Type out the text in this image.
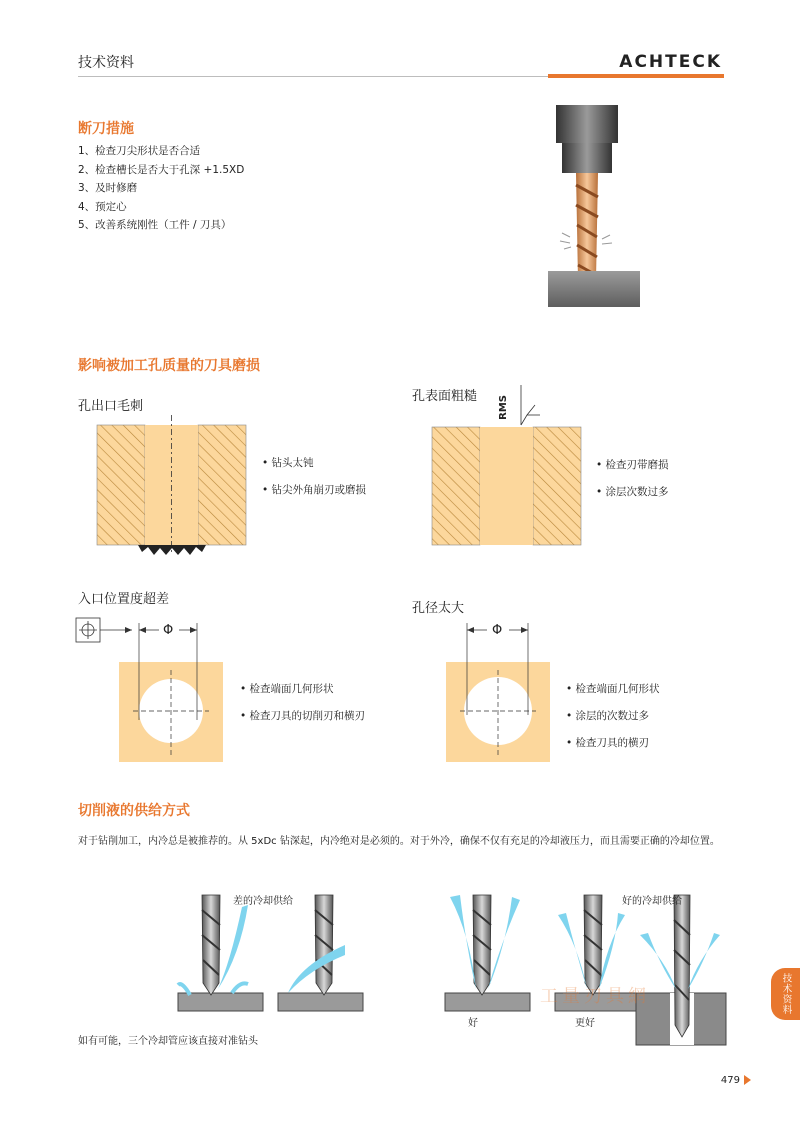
技术资料	ACHTECK
断刀措施
1、检查刀尖形状是否合适
2、检查槽长是否大于孔深 +1.5XD
3、及时修磨
4、预定心
5、改善系统刚性（工件 / 刀具）
影响被加工孔质量的刀具磨损
孔出口毛刺
• 钻头太钝
• 钻尖外角崩刃或磨损
孔表面粗糙 RMS
• 检查刃带磨损
• 涂层次数过多
入口位置度超差
Φ
• 检查端面几何形状
• 检查刀具的切削刃和横刃
孔径太大
Φ
• 检查端面几何形状
• 涂层的次数过多
• 检查刀具的横刃
切削液的供给方式
对于钻削加工，内冷总是被推荐的。从 5xDc 钻深起，内冷绝对是必须的。对于外冷，确保不仅有充足的冷却液压力，而且需要正确的冷却位置。
差的冷却供给	好的冷却供给
好	更好
工量刃具網
如有可能，三个冷却管应该直接对准钻头
技术资料
479
